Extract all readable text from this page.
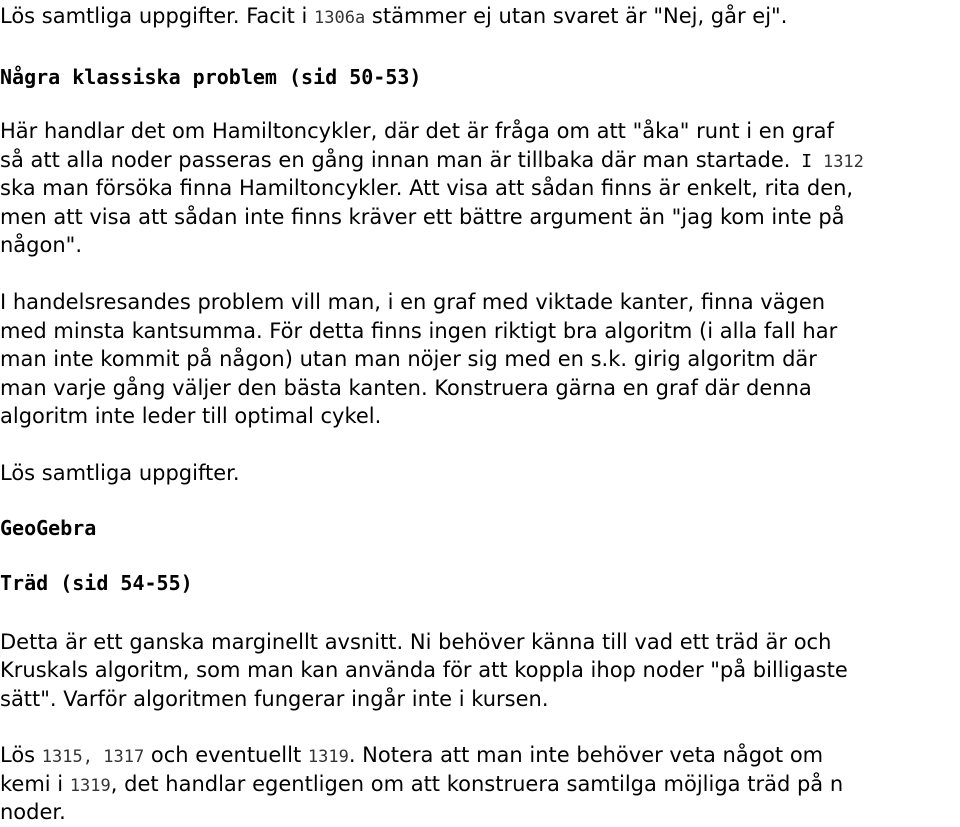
Lös samtliga uppgifter. Facit i 1306a stämmer ej utan svaret är "Nej, går ej".

Några klassiska problem (sid 50-53)

Här handlar det om Hamiltoncykler, där det är fråga om att "åka" runt i en graf

så att alla noder passeras en gång innan man är tillbaka där man startade. I 1312

ska man försöka finna Hamiltoncykler. Att visa att sådan finns är enkelt, rita den,

men att visa att sådan inte finns kräver ett bättre argument än "jag kom inte på

någon".

I handelsresandes problem vill man, i en graf med viktade kanter, finna vägen

med minsta kantsumma. För detta finns ingen riktigt bra algoritm (i alla fall har

man inte kommit på någon) utan man nöjer sig med en s.k. girig algoritm där

man varje gång väljer den bästa kanten. Konstruera gärna en graf där denna

algoritm inte leder till optimal cykel.

Lös samtliga uppgifter.

GeoGebra

Träd (sid 54-55)

Detta är ett ganska marginellt avsnitt. Ni behöver känna till vad ett träd är och

Kruskals algoritm, som man kan använda för att koppla ihop noder "på billigaste

sätt". Varför algoritmen fungerar ingår inte i kursen.

Lös 1315, 1317 och eventuellt 1319. Notera att man inte behöver veta något om

kemi i 1319, det handlar egentligen om att konstruera samtilga möjliga träd på n

noder.
